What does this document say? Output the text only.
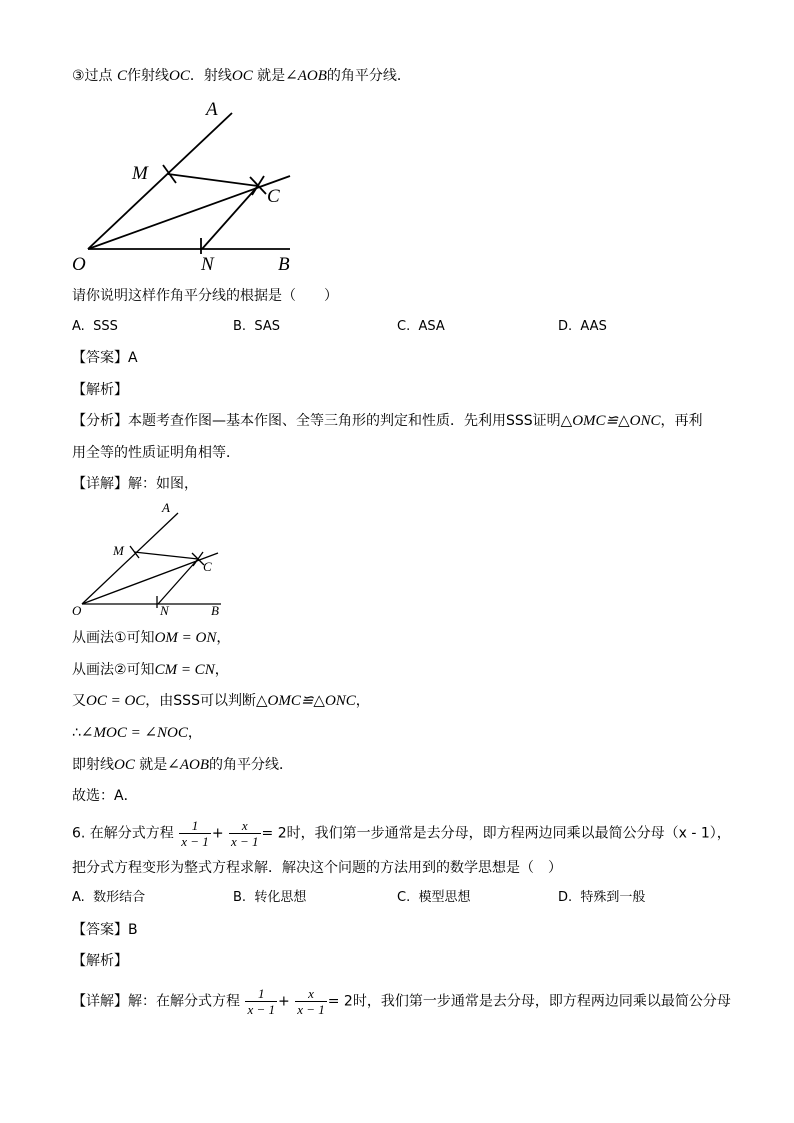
③过点 C作射线OC．射线OC 就是∠AOB的角平分线．
A
M
C
O	N	B
请你说明这样作角平分线的根据是（　　）
A. SSS	B. SAS	C. ASA	D. AAS
【答案】A
【解析】
【分析】本题考查作图—基本作图、全等三角形的判定和性质．先利用SSS证明△OMC≌△ONC，再利
用全等的性质证明角相等．
【详解】解：如图，
A
M
C
O	N	B
从画法①可知OM = ON，
从画法②可知CM = CN，
又OC = OC，由SSS可以判断△OMC≌△ONC，
∴∠MOC = ∠NOC，
即射线OC 就是∠AOB的角平分线．
故选：A．
6. 在解分式方程 $\frac{1}{x - 1} + \frac{x}{x - 1} = 2$时，我们第一步通常是去分母，即方程两边同乘以最简公分母（x - 1），
把分式方程变形为整式方程求解．解决这个问题的方法用到的数学思想是（　）
A. 数形结合	B. 转化思想	C. 模型思想	D. 特殊到一般
【答案】B
【解析】
【详解】解：在解分式方程 $\frac{1}{x - 1} + \frac{x}{x - 1} = 2$时，我们第一步通常是去分母，即方程两边同乘以最简公分母
